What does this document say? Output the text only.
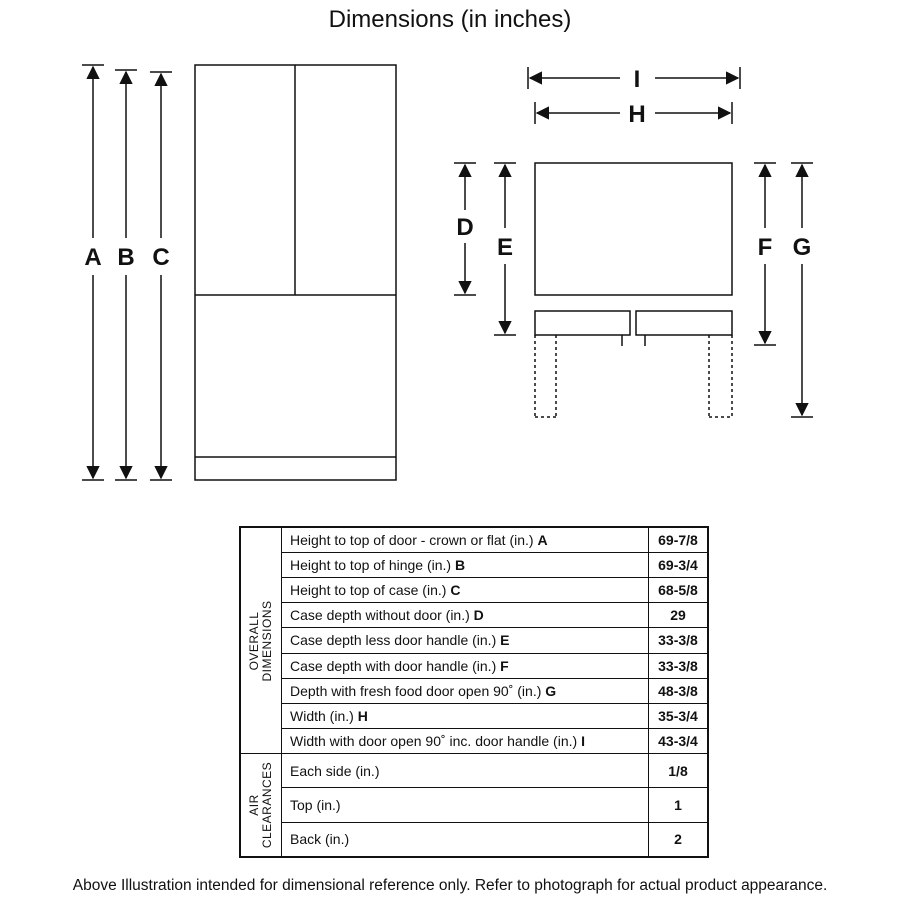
Dimensions (in inches)
A B C
I
H
D
E	F G
OVERALL DIMENSIONS	Height to top of door - crown or flat (in.) A	69-7/8
	Height to top of hinge (in.) B	69-3/4
	Height to top of case (in.) C	68-5/8
	Case depth without door (in.) D	29
	Case depth less door handle (in.) E	33-3/8
	Case depth with door handle (in.) F	33-3/8
	Depth with fresh food door open 90˚ (in.) G	48-3/8
	Width (in.) H	35-3/4
	Width with door open 90˚ inc. door handle (in.) I	43-3/4

AIR CLEARANCES	Each side (in.)	1/8
	Top (in.)	1
	Back (in.)	2
Above Illustration intended for dimensional reference only. Refer to photograph for actual product appearance.
